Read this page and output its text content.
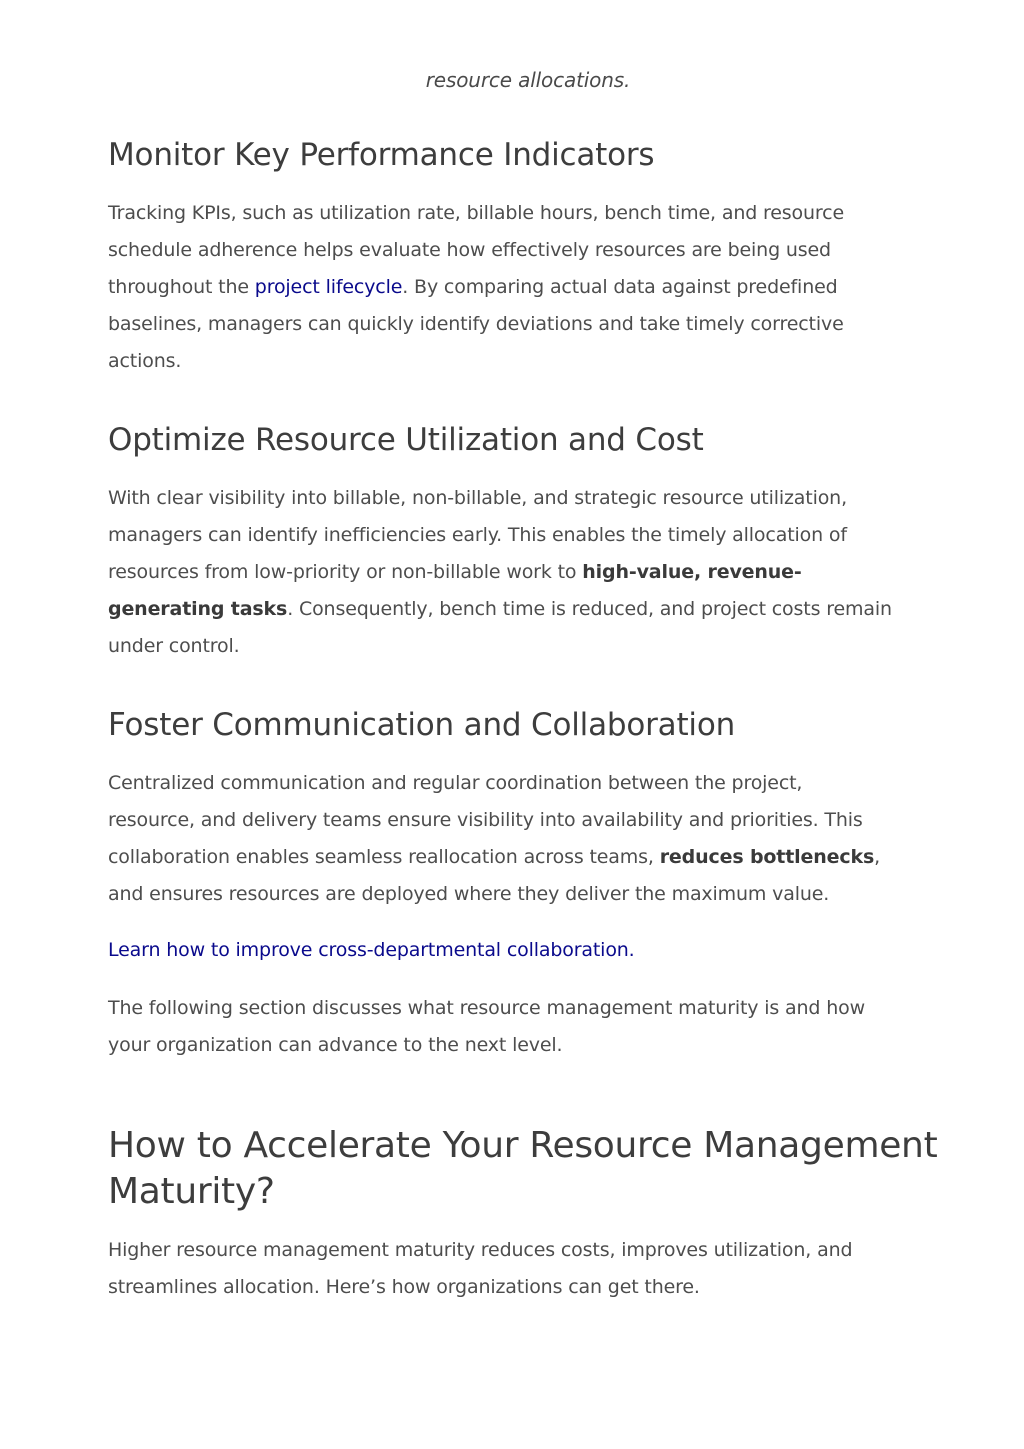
resource allocations.

Monitor Key Performance Indicators

Tracking KPIs, such as utilization rate, billable hours, bench time, and resource
schedule adherence helps evaluate how effectively resources are being used
throughout the project lifecycle. By comparing actual data against predefined
baselines, managers can quickly identify deviations and take timely corrective
actions.

Optimize Resource Utilization and Cost

With clear visibility into billable, non-billable, and strategic resource utilization,
managers can identify inefficiencies early. This enables the timely allocation of
resources from low-priority or non-billable work to high-value, revenue-
generating tasks. Consequently, bench time is reduced, and project costs remain
under control.

Foster Communication and Collaboration

Centralized communication and regular coordination between the project,
resource, and delivery teams ensure visibility into availability and priorities. This
collaboration enables seamless reallocation across teams, reduces bottlenecks,
and ensures resources are deployed where they deliver the maximum value.

Learn how to improve cross-departmental collaboration.

The following section discusses what resource management maturity is and how
your organization can advance to the next level.

How to Accelerate Your Resource Management
Maturity?

Higher resource management maturity reduces costs, improves utilization, and
streamlines allocation. Here’s how organizations can get there.
